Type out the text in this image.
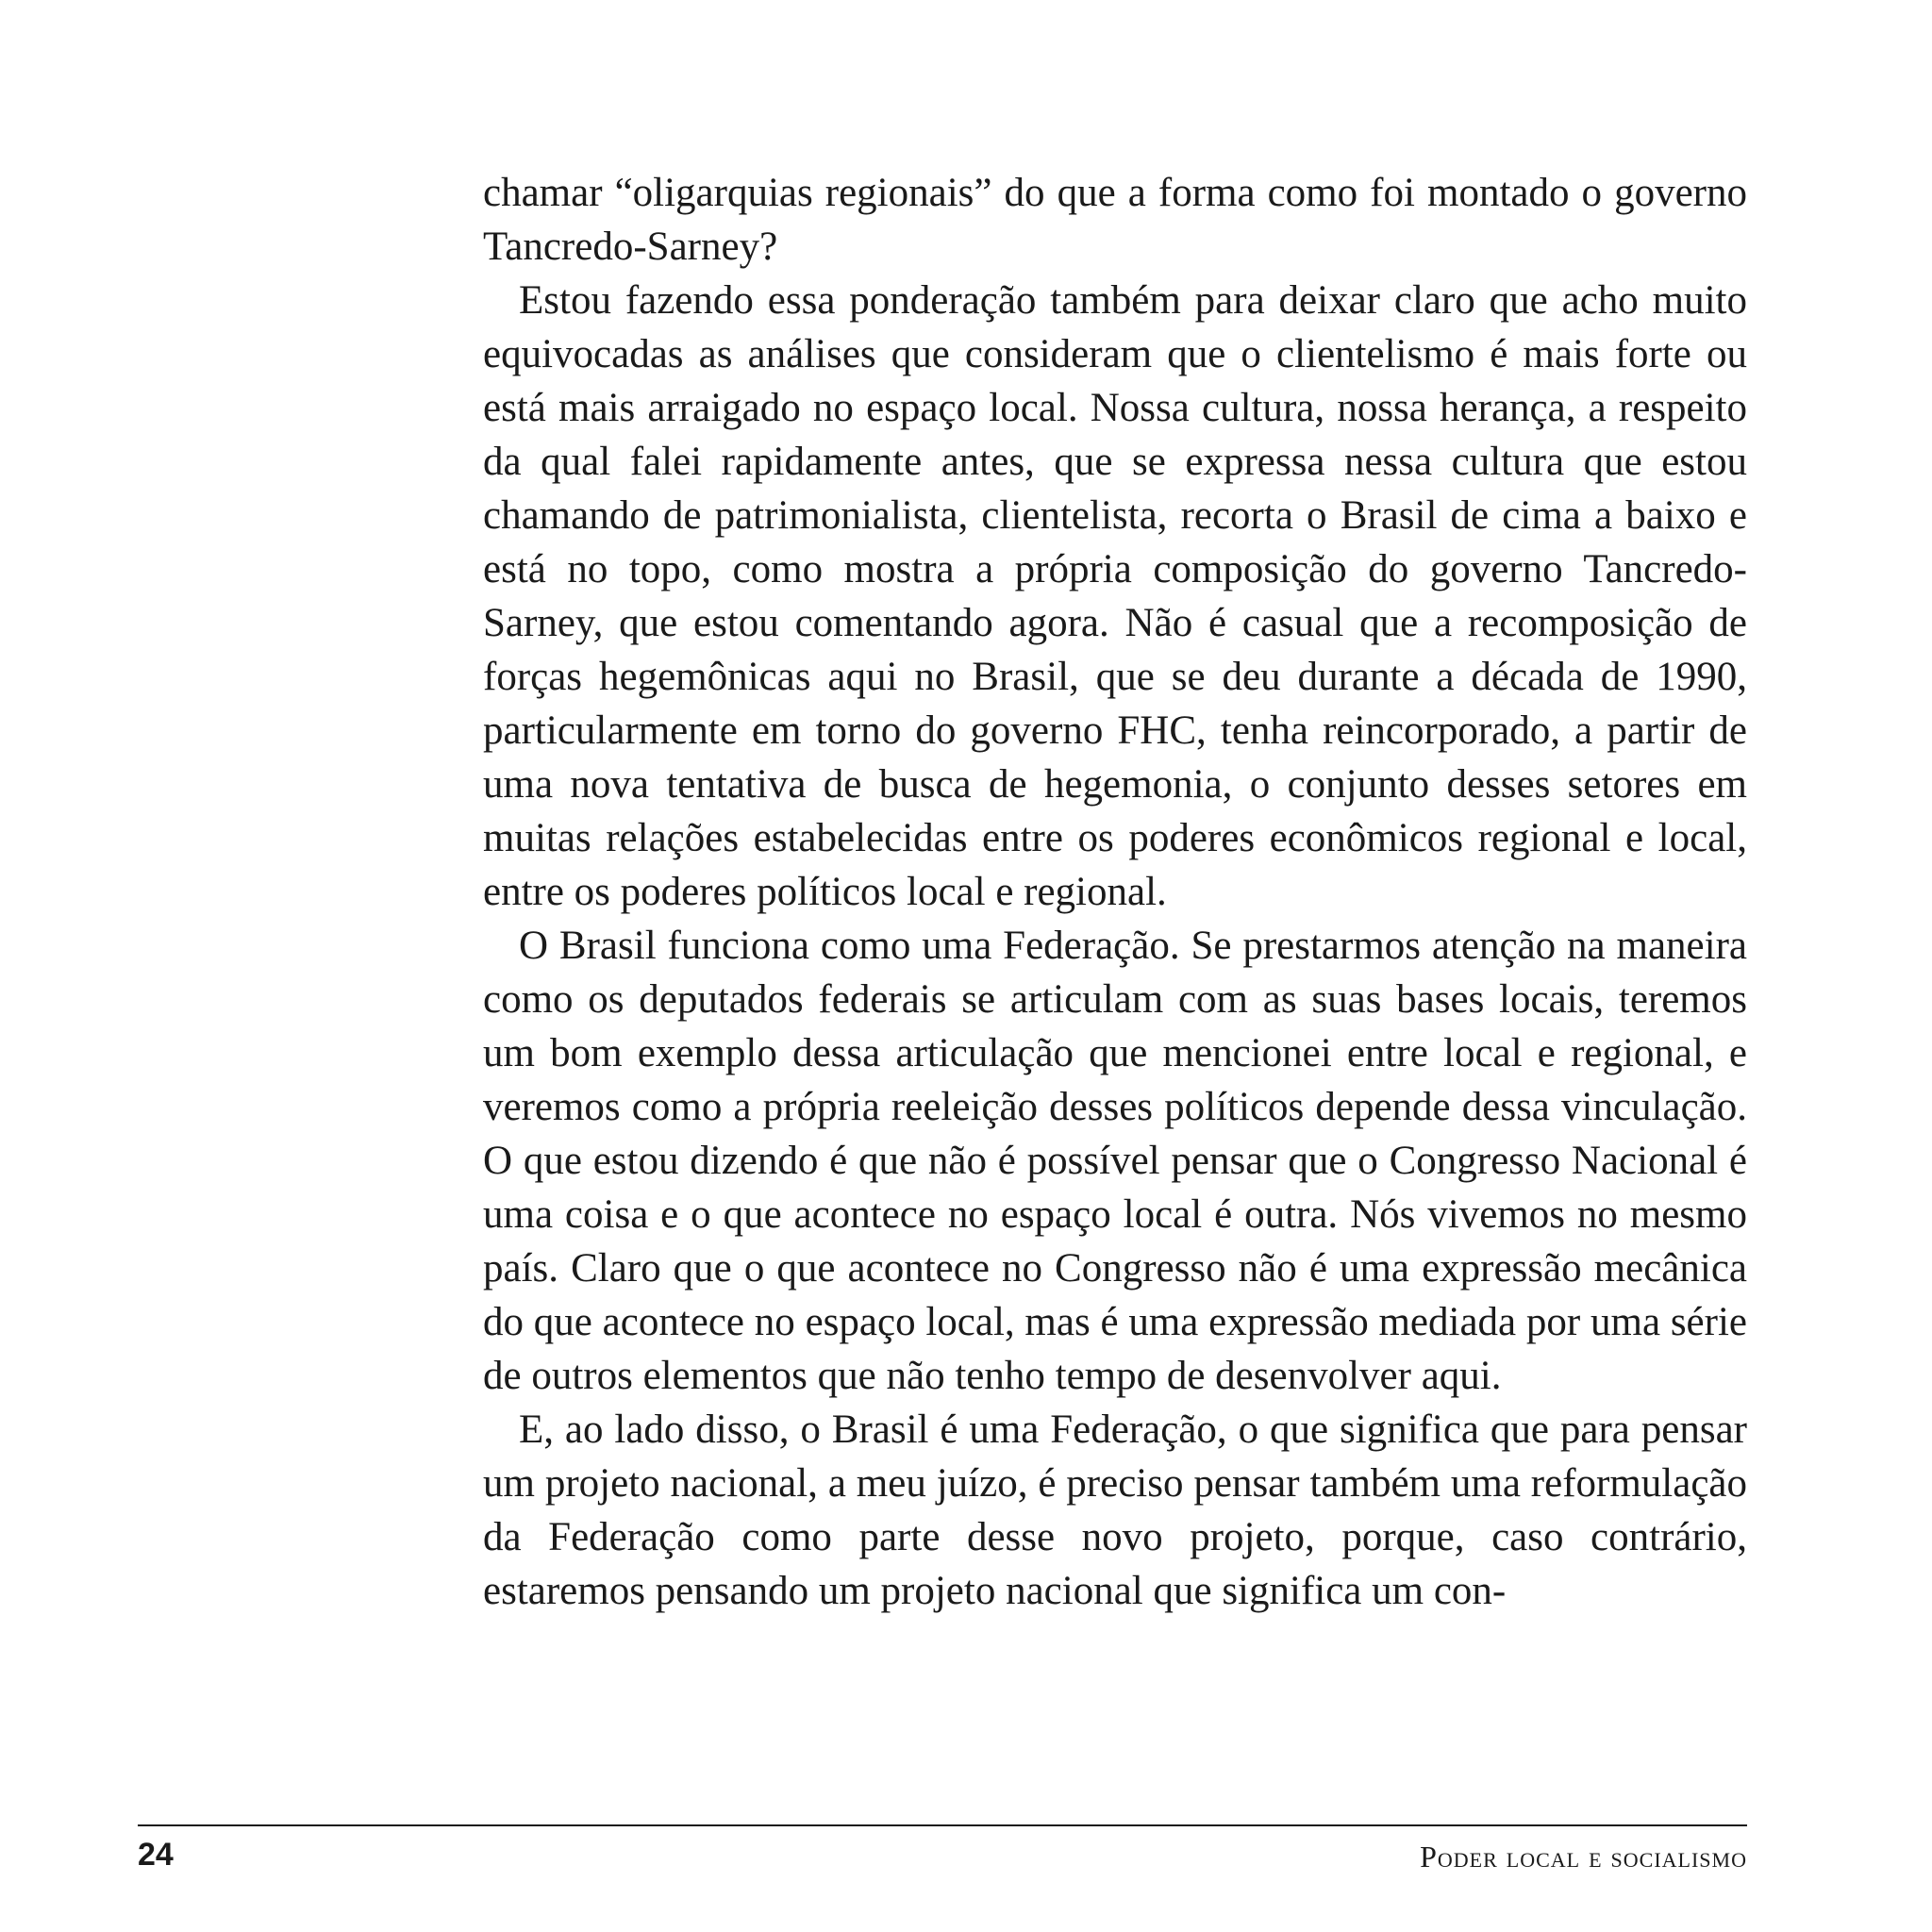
chamar “oligarquias regionais” do que a forma como foi montado o governo Tancredo-Sarney?

Estou fazendo essa ponderação também para deixar claro que acho muito equivocadas as análises que consideram que o clientelismo é mais forte ou está mais arraigado no espaço local. Nossa cultura, nossa herança, a respeito da qual falei rapidamente antes, que se expressa nessa cultura que estou chamando de patrimonialista, clientelista, recorta o Brasil de cima a baixo e está no topo, como mostra a própria composição do governo Tancredo-Sarney, que estou comentando agora. Não é casual que a recomposição de forças hegemônicas aqui no Brasil, que se deu durante a década de 1990, particularmente em torno do governo FHC, tenha reincorporado, a partir de uma nova tentativa de busca de hegemonia, o conjunto desses setores em muitas relações estabelecidas entre os poderes econômicos regional e local, entre os poderes políticos local e regional.

O Brasil funciona como uma Federação. Se prestarmos atenção na maneira como os deputados federais se articulam com as suas bases locais, teremos um bom exemplo dessa articulação que mencionei entre local e regional, e veremos como a própria reeleição desses políticos depende dessa vinculação. O que estou dizendo é que não é possível pensar que o Congresso Nacional é uma coisa e o que acontece no espaço local é outra. Nós vivemos no mesmo país. Claro que o que acontece no Congresso não é uma expressão mecânica do que acontece no espaço local, mas é uma expressão mediada por uma série de outros elementos que não tenho tempo de desenvolver aqui.

E, ao lado disso, o Brasil é uma Federação, o que significa que para pensar um projeto nacional, a meu juízo, é preciso pensar também uma reformulação da Federação como parte desse novo projeto, porque, caso contrário, estaremos pensando um projeto nacional que significa um con-

24	Poder local e socialismo
